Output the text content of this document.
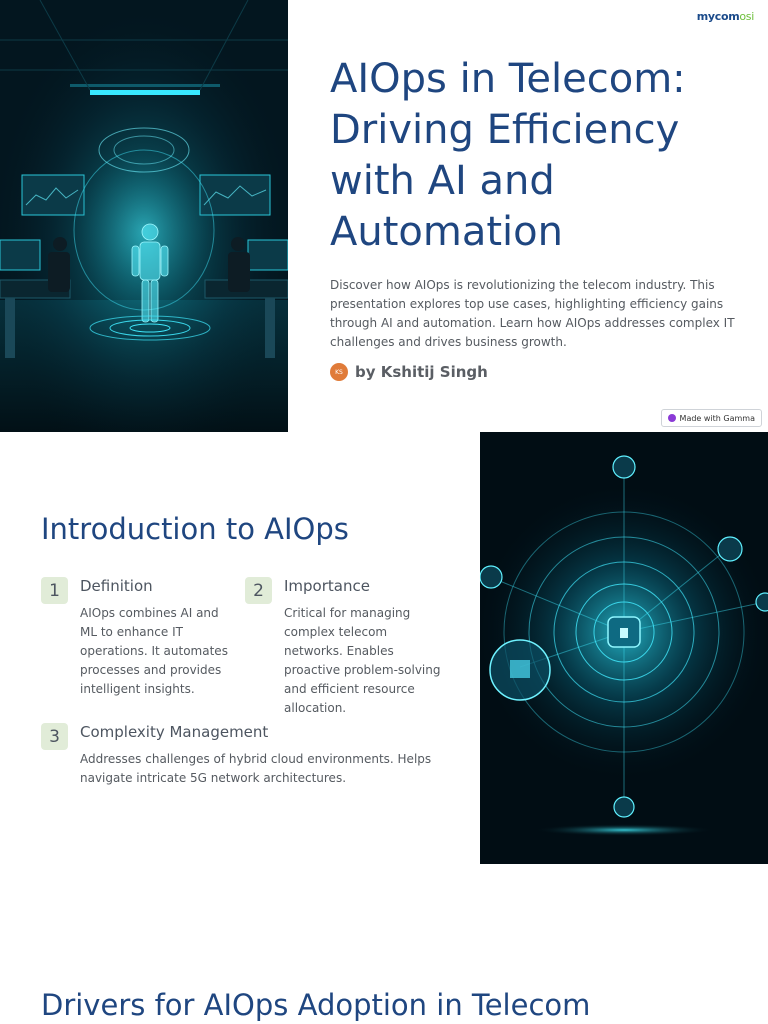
mycomosi
AIOps in Telecom: Driving Efficiency with AI and Automation

Discover how AIOps is revolutionizing the telecom industry. This presentation explores top use cases, highlighting efficiency gains through AI and automation. Learn how AIOps addresses complex IT challenges and drives business growth.

KS by Kshitij Singh
Made with Gamma
Introduction to AIOps
1	Definition
AIOps combines AI and ML to enhance IT operations. It automates processes and provides intelligent insights.
2	Importance
Critical for managing complex telecom networks. Enables proactive problem-solving and efficient resource allocation.
3	Complexity Management
Addresses challenges of hybrid cloud environments. Helps navigate intricate 5G network architectures.
Drivers for AIOps Adoption in Telecom
